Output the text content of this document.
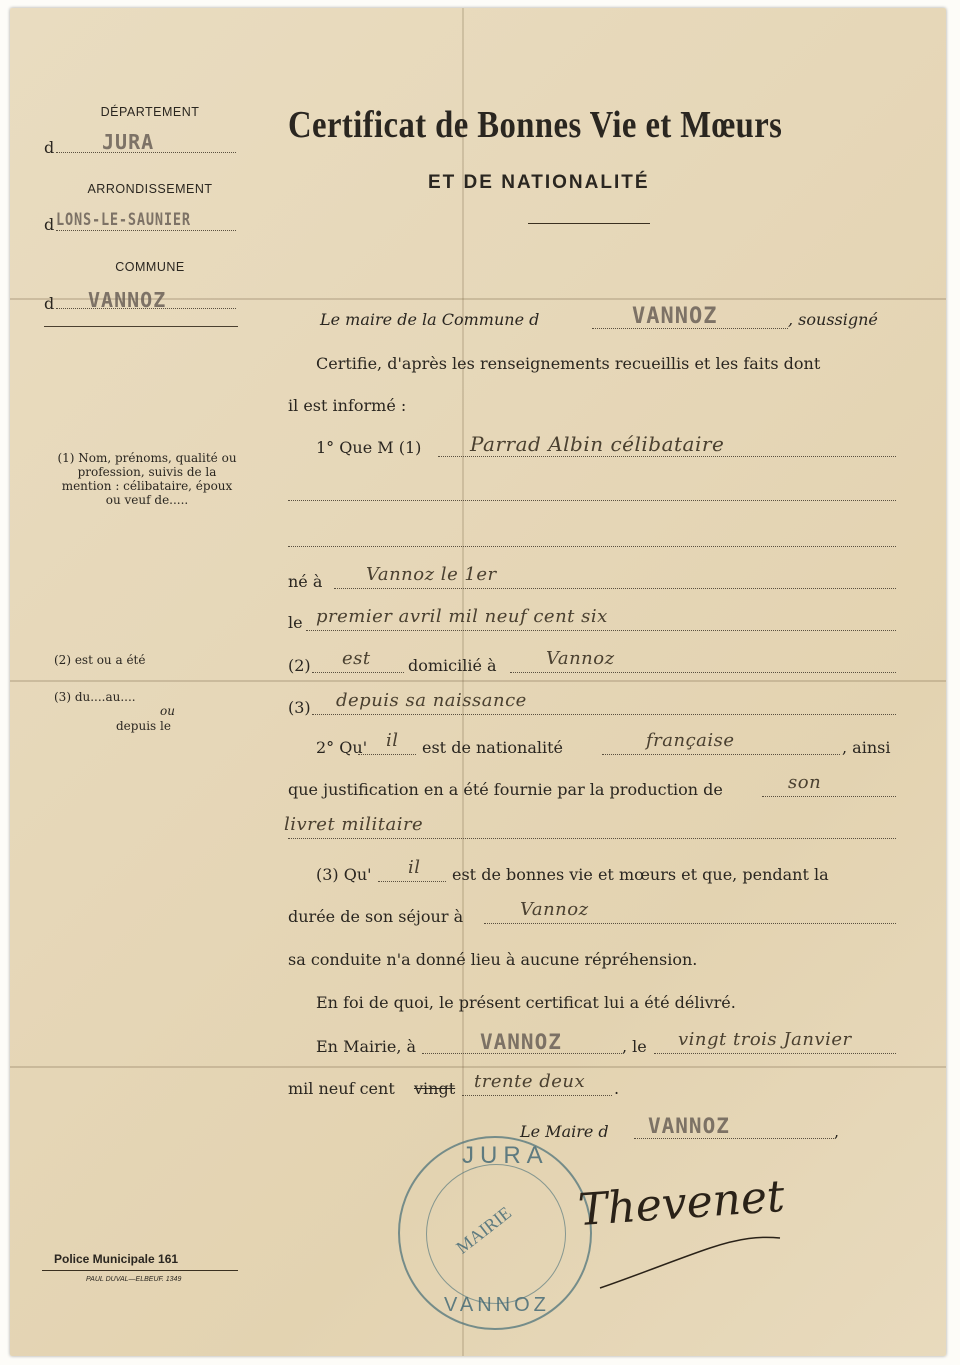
DÉPARTEMENT
d JURA
ARRONDISSEMENT
d LONS-LE-SAUNIER
COMMUNE
d VANNOZ
(1) Nom, prénoms, qualité ou profession, suivis de la mention : célibataire, époux ou veuf de.....
(2) est ou a été
(3) du....au....
ou
depuis le
Police Municipale 161
PAUL DUVAL—ELBEUF. 1349
Certificat de Bonnes Vie et Mœurs
ET DE NATIONALITÉ
Le maire de la Commune d	VANNOZ	, soussigné
Certifie, d'après les renseignements recueillis et les faits dont
il est informé :
1° Que M (1) Parrad Albin célibataire
né à Vannoz le 1er
le premier avril mil neuf cent six
(2) est domicilié à	Vannoz
(3) depuis sa naissance
2° Qu' il est de nationalité	française	, ainsi
que justification en a été fournie par la production de	son
livret militaire
(3) Qu' il est de bonnes vie et mœurs et que, pendant la
durée de son séjour à	Vannoz
sa conduite n'a donné lieu à aucune répréhension.
En foi de quoi, le présent certificat lui a été délivré.
En Mairie, à	VANNOZ	, le vingt trois Janvier
mil neuf cent vingt trente deux .
Le Maire d VANNOZ	,
JURA
MAIRIE
VANNOZ
Thevenet
